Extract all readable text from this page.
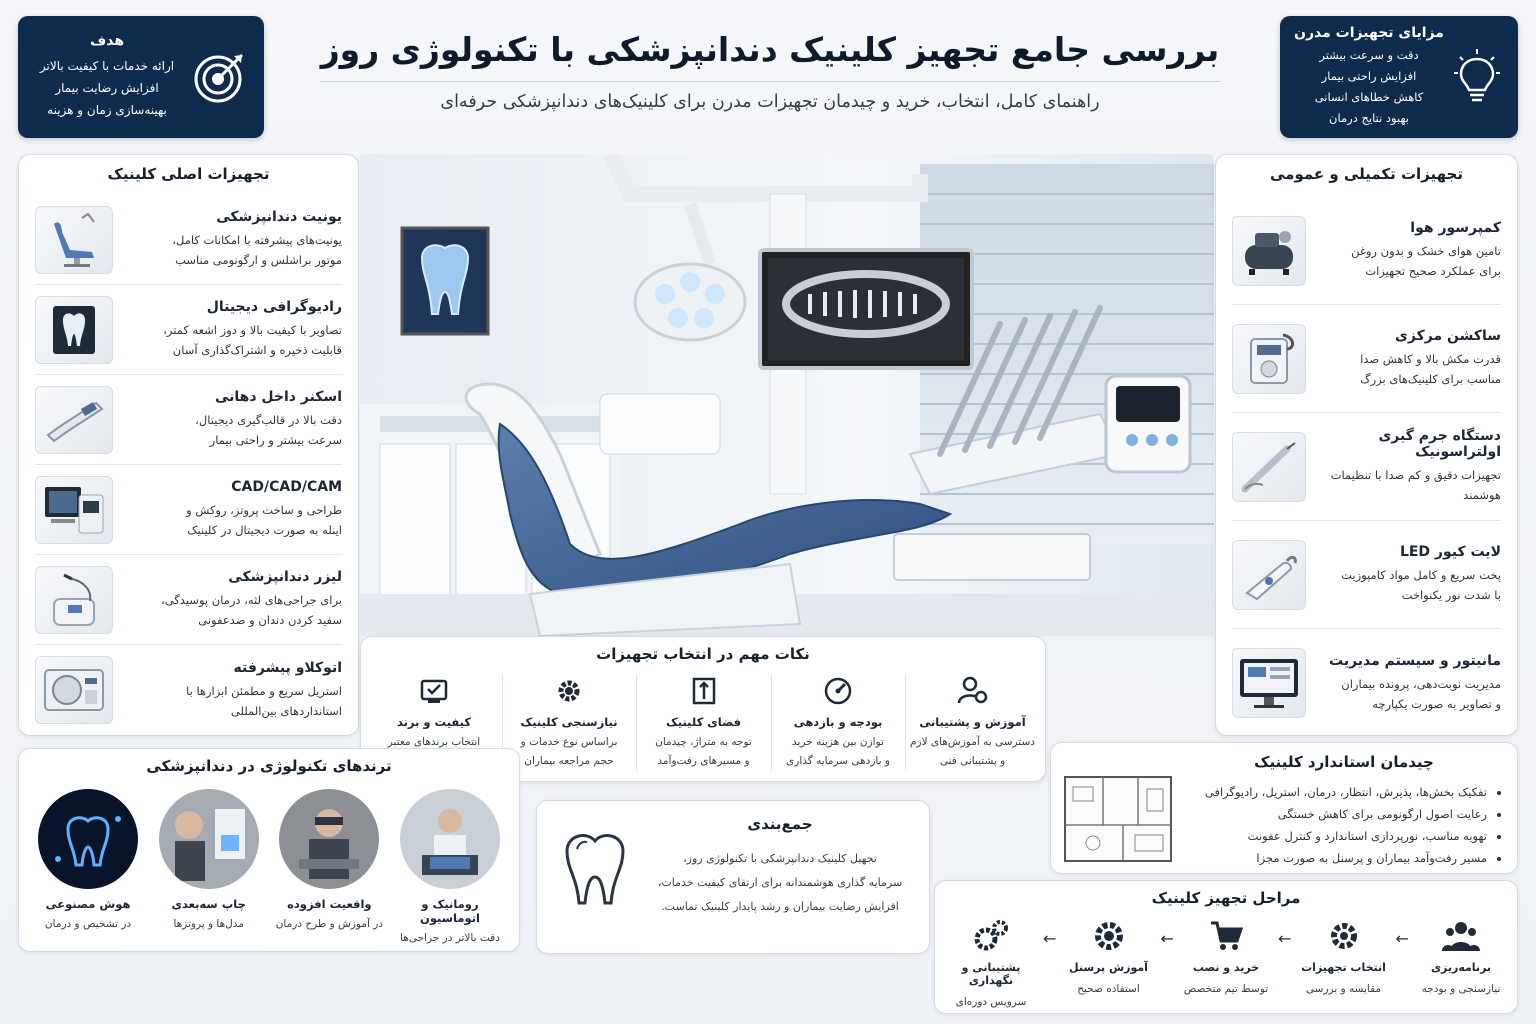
بررسی جامع تجهیز کلینیک دندانپزشکی با تکنولوژی روز
راهنمای کامل، انتخاب، خرید و چیدمان تجهیزات مدرن برای کلینیک‌های دندانپزشکی حرفه‌ای
هدف
ارائه خدمات با کیفیت بالاتر
افزایش رضایت بیمار
بهینه‌سازی زمان و هزینه
مزایای تجهیزات مدرن
دقت و سرعت بیشتر
افزایش راحتی بیمار
کاهش خطاهای انسانی
بهبود نتایج درمان
تجهیزات اصلی کلینیک
یونیت دندانپزشکی
یونیت‌های پیشرفته با امکانات کامل،
موتور براشلس و ارگونومی مناسب
رادیوگرافی دیجیتال
تصاویر با کیفیت بالا و دوز اشعه کمتر،
قابلیت ذخیره و اشتراک‌گذاری آسان
اسکنر داخل دهانی
دقت بالا در قالب‌گیری دیجیتال،
سرعت بیشتر و راحتی بیمار
CAD/CAD/CAM
طراحی و ساخت پروتز، روکش و
اینله به صورت دیجیتال در کلینیک
لیزر دندانپزشکی
برای جراحی‌های لثه، درمان پوسیدگی،
سفید کردن دندان و ضدعفونی
اتوکلاو پیشرفته
استریل سریع و مطمئن ابزارها با
استانداردهای بین‌المللی
تجهیزات تکمیلی و عمومی
کمپرسور هوا
تامین هوای خشک و بدون روغن
برای عملکرد صحیح تجهیزات
ساکشن مرکزی
قدرت مکش بالا و کاهش صدا
مناسب برای کلینیک‌های بزرگ
دستگاه جرم گیری اولتراسونیک
تجهیزات دقیق و کم صدا با تنظیمات
هوشمند
لایت کیور LED
پخت سریع و کامل مواد کامپوزیت
با شدت نور یکنواخت
مانیتور و سیستم مدیریت
مدیریت نوبت‌دهی، پرونده بیماران
و تصاویر به صورت یکپارچه
نکات مهم در انتخاب تجهیزات
آموزش و پشتیبانی
دسترسی به آموزش‌های لازم
و پشتیبانی فنی
بودجه و بازدهی
توازن بین هزینه خرید
و بازدهی سرمایه گذاری
فضای کلینیک
توجه به متراژ، چیدمان
و مسیرهای رفت‌وآمد
نیازسنجی کلینیک
براساس نوع خدمات و
حجم مراجعه بیماران
کیفیت و برند
انتخاب برندهای معتبر
ترندهای تکنولوژی در دندانپزشکی
رومانیک و اتوماسیون
دقت بالاتر در جراحی‌ها
واقعیت افزوده
در آموزش و طرح درمان
چاپ سه‌بعدی
مدل‌ها و پروتزها
هوش مصنوعی
در تشخیص و درمان
جمع‌بندی
تجهیل کلینیک دندانپزشکی با تکنولوژی روز،
سرمایه گذاری هوشمندانه برای ارتقای کیفیت خدمات،
افزایش رضایت بیماران و رشد پایدار کلینیک تماست.
چیدمان استاندارد کلینیک
• تفکیک بخش‌ها، پذیرش، انتظار، درمان، استریل، رادیوگرافی
• رعایت اصول ارگونومی برای کاهش خستگی
• تهویه مناسب، نورپردازی استاندارد و کنترل عفونت
• مسیر رفت‌وآمد بیماران و پرسنل به صورت مجزا
مراحل تجهیز کلینیک
برنامه‌ریزی
نیازسنجی و بودجه
←
انتخاب تجهیزات
مقایسه و بررسی
←
خرید و نصب
توسط تیم متخصص
←
آموزش پرسنل
استفاده صحیح
←
پشتیبانی و نگهداری
سرویس دوره‌ای
